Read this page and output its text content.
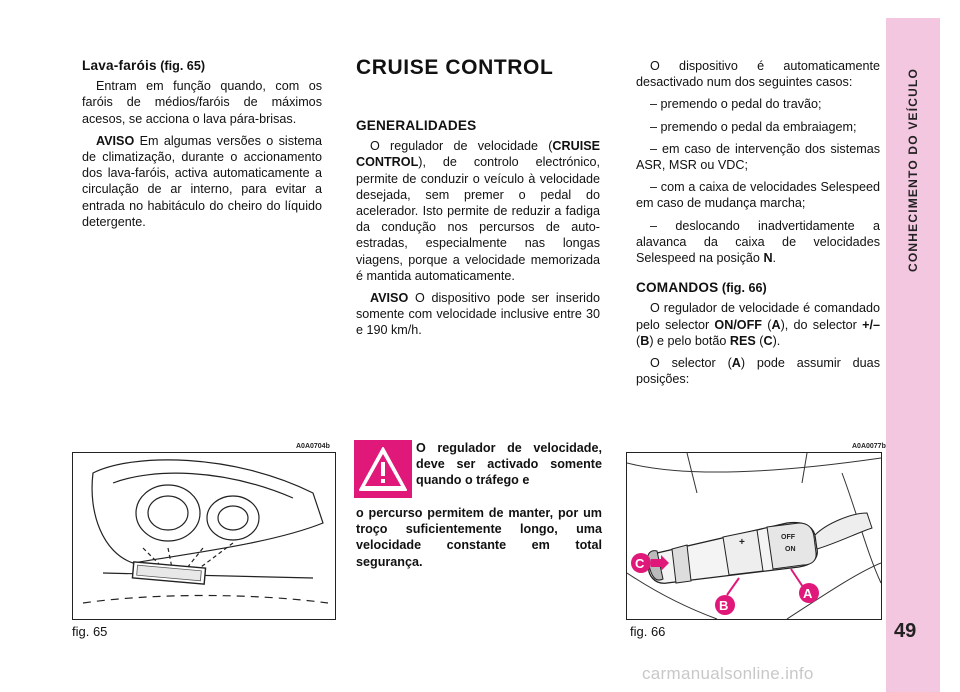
Lava-faróis (fig. 65)

Entram em função quando, com os faróis de médios/faróis de máximos acesos, se acciona o lava pára-brisas.

AVISO Em algumas versões o sistema de climatização, durante o accionamento dos lava-faróis, activa automaticamente a circulação de ar interno, para evitar a entrada no habitáculo do cheiro do líquido detergente.

CRUISE CONTROL

GENERALIDADES

O regulador de velocidade (CRUISE CONTROL), de controlo electrónico, permite de conduzir o veículo à velocidade desejada, sem premer o pedal do acelerador. Isto permite de reduzir a fadiga da condução nos percursos de auto-estradas, especialmente nas longas viagens, porque a velocidade memorizada é mantida automaticamente.

AVISO O dispositivo pode ser inserido somente com velocidade inclusive entre 30 e 190 km/h.

O dispositivo é automaticamente desactivado num dos seguintes casos:

– premendo o pedal do travão;

– premendo o pedal da embraiagem;

– em caso de intervenção dos sistemas ASR, MSR ou VDC;

– com a caixa de velocidades Selespeed em caso de mudança marcha;

– deslocando inadvertidamente a alavanca da caixa de velocidades Selespeed na posição N.

COMANDOS (fig. 66)

O regulador de velocidade é comandado pelo selector ON/OFF (A), do selector +/– (B) e pelo botão RES (C).

O selector (A) pode assumir duas posições:

A0A0704b
fig. 65
O regulador de velocidade, deve ser activado somente quando o tráfego e
o percurso permitem de manter, por um troço suficientemente longo, uma velocidade constante em total segurança.
A0A0077b
+	OFF
ON
A
B
C
fig. 66
CONHECIMENTO DO VEÍCULO
49
carmanualsonline.info
